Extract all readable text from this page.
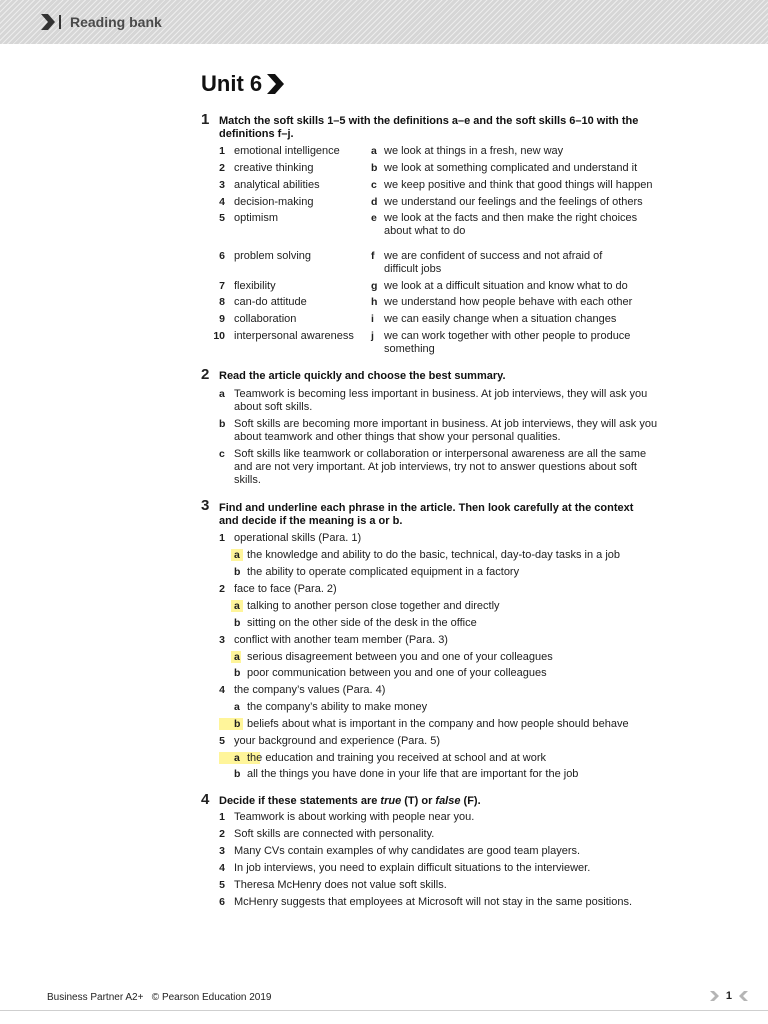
Reading bank
Unit 6
1 Match the soft skills 1–5 with the definitions a–e and the soft skills 6–10 with the definitions f–j.
1 emotional intelligence
2 creative thinking
3 analytical abilities
4 decision-making
5 optimism
6 problem solving
7 flexibility
8 can-do attitude
9 collaboration
10 interpersonal awareness
a we look at things in a fresh, new way
b we look at something complicated and understand it
c we keep positive and think that good things will happen
d we understand our feelings and the feelings of others
e we look at the facts and then make the right choices about what to do
f we are confident of success and not afraid of difficult jobs
g we look at a difficult situation and know what to do
h we understand how people behave with each other
i we can easily change when a situation changes
j we can work together with other people to produce something
2 Read the article quickly and choose the best summary.
a Teamwork is becoming less important in business. At job interviews, they will ask you about soft skills.
b Soft skills are becoming more important in business. At job interviews, they will ask you about teamwork and other things that show your personal qualities.
c Soft skills like teamwork or collaboration or interpersonal awareness are all the same and are not very important. At job interviews, try not to answer questions about soft skills.
3 Find and underline each phrase in the article. Then look carefully at the context and decide if the meaning is a or b.
1 operational skills (Para. 1)
a the knowledge and ability to do the basic, technical, day-to-day tasks in a job
b the ability to operate complicated equipment in a factory
2 face to face (Para. 2)
a talking to another person close together and directly
b sitting on the other side of the desk in the office
3 conflict with another team member (Para. 3)
a serious disagreement between you and one of your colleagues
b poor communication between you and one of your colleagues
4 the company’s values (Para. 4)
a the company’s ability to make money
b beliefs about what is important in the company and how people should behave
5 your background and experience (Para. 5)
a the education and training you received at school and at work
b all the things you have done in your life that are important for the job
4 Decide if these statements are true (T) or false (F).
1 Teamwork is about working with people near you.
2 Soft skills are connected with personality.
3 Many CVs contain examples of why candidates are good team players.
4 In job interviews, you need to explain difficult situations to the interviewer.
5 Theresa McHenry does not value soft skills.
6 McHenry suggests that employees at Microsoft will not stay in the same positions.
Business Partner A2+ © Pearson Education 2019	1
